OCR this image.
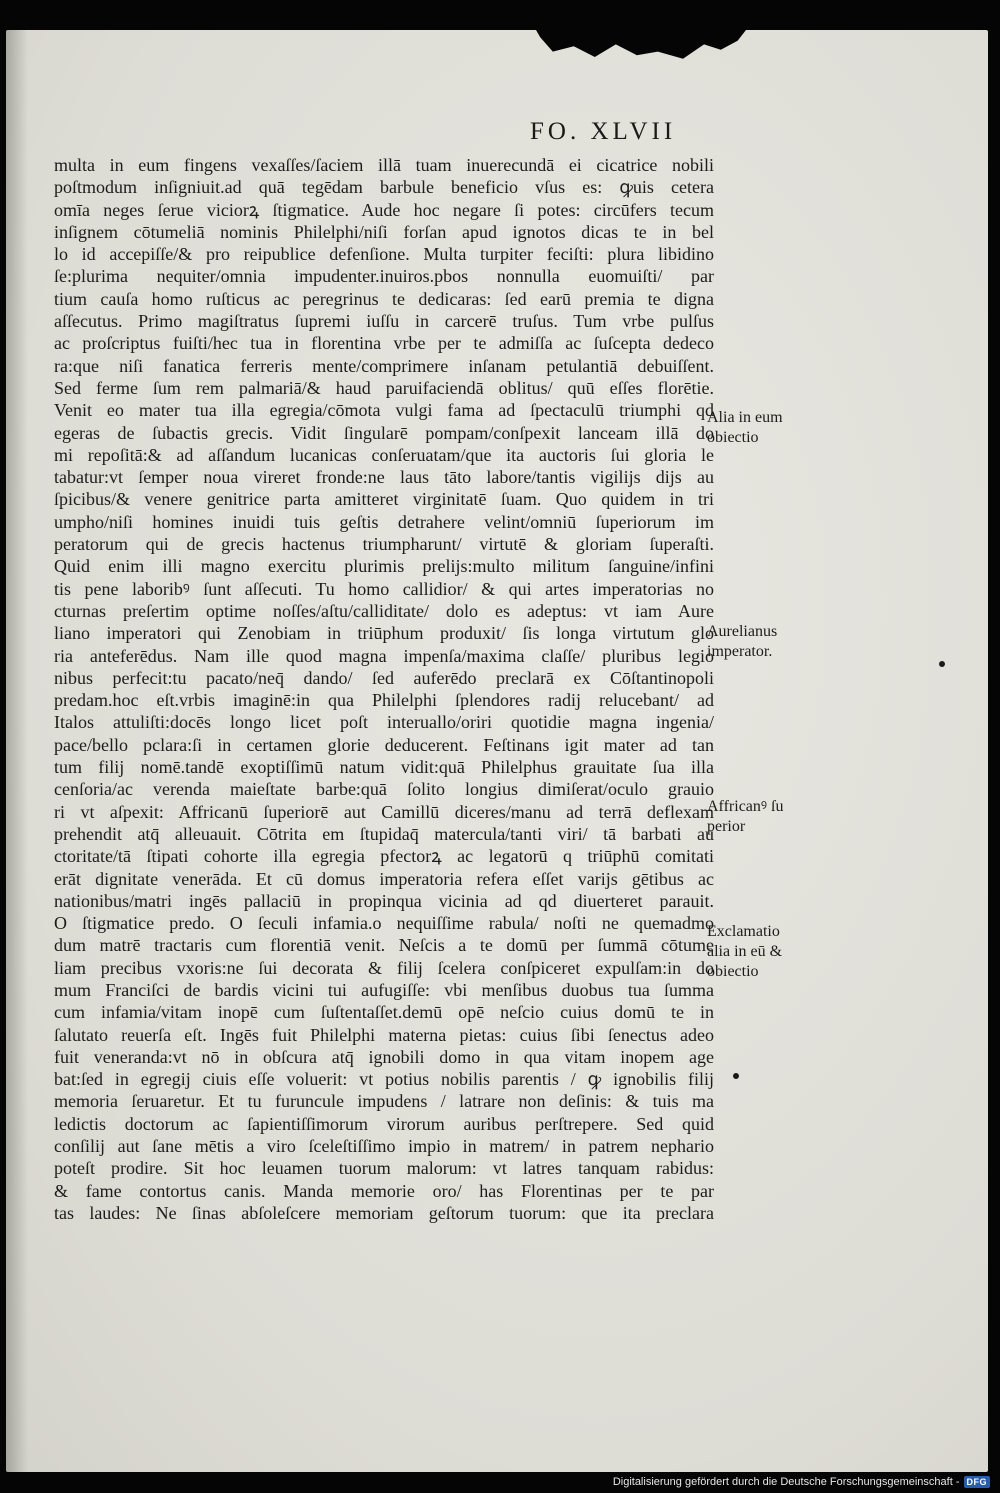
FO. XLVII
multa in eum fingens vexaſſes/ſaciem illā tuam inuerecundā ei cicatrice nobili
poſtmodum inſigniuit.ad quā tegēdam barbule beneficio vſus es: ꝙuis cetera
omīa neges ſerue viciorꝝ ſtigmatice. Aude hoc negare ſi potes: circūfers tecum
inſignem cōtumeliā nominis Philelphi/niſi forſan apud ignotos dicas te in bel
lo id accepiſſe/& pro reipublice defenſione. Multa turpiter feciſti: plura libidino
ſe:plurima nequiter/omnia impudenter.inuiros.pbos nonnulla euomuiſti/ par
tium cauſa homo ruſticus ac peregrinus te dedicaras: ſed earū premia te digna
aſſecutus. Primo magiſtratus ſupremi iuſſu in carcerē truſus. Tum vrbe pulſus
ac proſcriptus fuiſti/hec tua in florentina vrbe per te admiſſa ac ſuſcepta dedeco
ra:que niſi fanatica ferreris mente/comprimere inſanam petulantiā debuiſſent.
Sed ferme ſum rem palmariā/& haud paruifaciendā oblitus/ quū eſſes florētie.
Venit eo mater tua illa egregia/cōmota vulgi fama ad ſpectaculū triumphi qd
egeras de ſubactis grecis. Vidit ſingularē pompam/conſpexit lanceam illā do
mi repoſitā:& ad aſſandum lucanicas conſeruatam/que ita auctoris ſui gloria le
tabatur:vt ſemper noua vireret fronde:ne laus tāto labore/tantis vigilijs dijs au
ſpicibus/& venere genitrice parta amitteret virginitatē ſuam. Quo quidem in tri
umpho/niſi homines inuidi tuis geſtis detrahere velint/omniū ſuperiorum im
peratorum qui de grecis hactenus triumpharunt/ virtutē & gloriam ſuperaſti.
Quid enim illi magno exercitu plurimis prelijs:multo militum ſanguine/infini
tis pene laboribꝰ ſunt aſſecuti. Tu homo callidior/ & qui artes imperatorias no
cturnas preſertim optime noſſes/aſtu/calliditate/ dolo es adeptus: vt iam Aure
liano imperatori qui Zenobiam in triūphum produxit/ ſis longa virtutum glo
ria anteferēdus. Nam ille quod magna impenſa/maxima claſſe/ pluribus legio
nibus perfecit:tu pacato/neq̄ dando/ ſed auferēdo preclarā ex Cōſtantinopoli
predam.hoc eſt.vrbis imaginē:in qua Philelphi ſplendores radij relucebant/ ad
Italos attuliſti:docēs longo licet poſt interuallo/oriri quotidie magna ingenia/
pace/bello pclara:ſi in certamen glorie deducerent. Feſtinans igit mater ad tan
tum filij nomē.tandē exoptiſſimū natum vidit:quā Philelphus grauitate ſua illa
cenſoria/ac verenda maieſtate barbe:quā ſolito longius dimiſerat/oculo grauio
ri vt aſpexit: Affricanū ſuperiorē aut Camillū diceres/manu ad terrā deflexam
prehendit atq̄ alleuauit. Cōtrita em ſtupidaq̄ matercula/tanti viri/ tā barbati au
ctoritate/tā ſtipati cohorte illa egregia pfectorꝝ ac legatorū q triūphū comitati
erāt dignitate venerāda. Et cū domus imperatoria refera eſſet varijs gētibus ac
nationibus/matri ingēs pallaciū in propinqua vicinia ad qd diuerteret parauit.
O ſtigmatice predo. O ſeculi infamia.o nequiſſime rabula/ noſti ne quemadmo
dum matrē tractaris cum florentiā venit. Neſcis a te domū per ſummā cōtume
liam precibus vxoris:ne ſui decorata & filij ſcelera conſpiceret expulſam:in do
mum Franciſci de bardis vicini tui aufugiſſe: vbi menſibus duobus tua ſumma
cum infamia/vitam inopē cum ſuſtentaſſet.demū opē neſcio cuius domū te in
ſalutato reuerſa eſt. Ingēs fuit Philelphi materna pietas: cuius ſibi ſenectus adeo
fuit veneranda:vt nō in obſcura atq̄ ignobili domo in qua vitam inopem age
bat:ſed in egregij ciuis eſſe voluerit: vt potius nobilis parentis / ꝙ ignobilis filij
memoria ſeruaretur. Et tu furuncule impudens / latrare non deſinis: & tuis ma
ledictis doctorum ac ſapientiſſimorum virorum auribus perſtrepere. Sed quid
conſilij aut ſane mētis a viro ſceleſtiſſimo impio in matrem/ in patrem nephario
poteſt prodire. Sit hoc leuamen tuorum malorum: vt latres tanquam rabidus:
& fame contortus canis. Manda memorie oro/ has Florentinas per te par
tas laudes: Ne ſinas abſoleſcere memoriam geſtorum tuorum: que ita preclara
Alia in eum
obiectio
Aurelianus
imperator.
Affricanꝰ ſu
perior
Exclamatio
alia in eū &
obiectio
Digitalisierung gefördert durch die Deutsche Forschungsgemeinschaft - DFG
